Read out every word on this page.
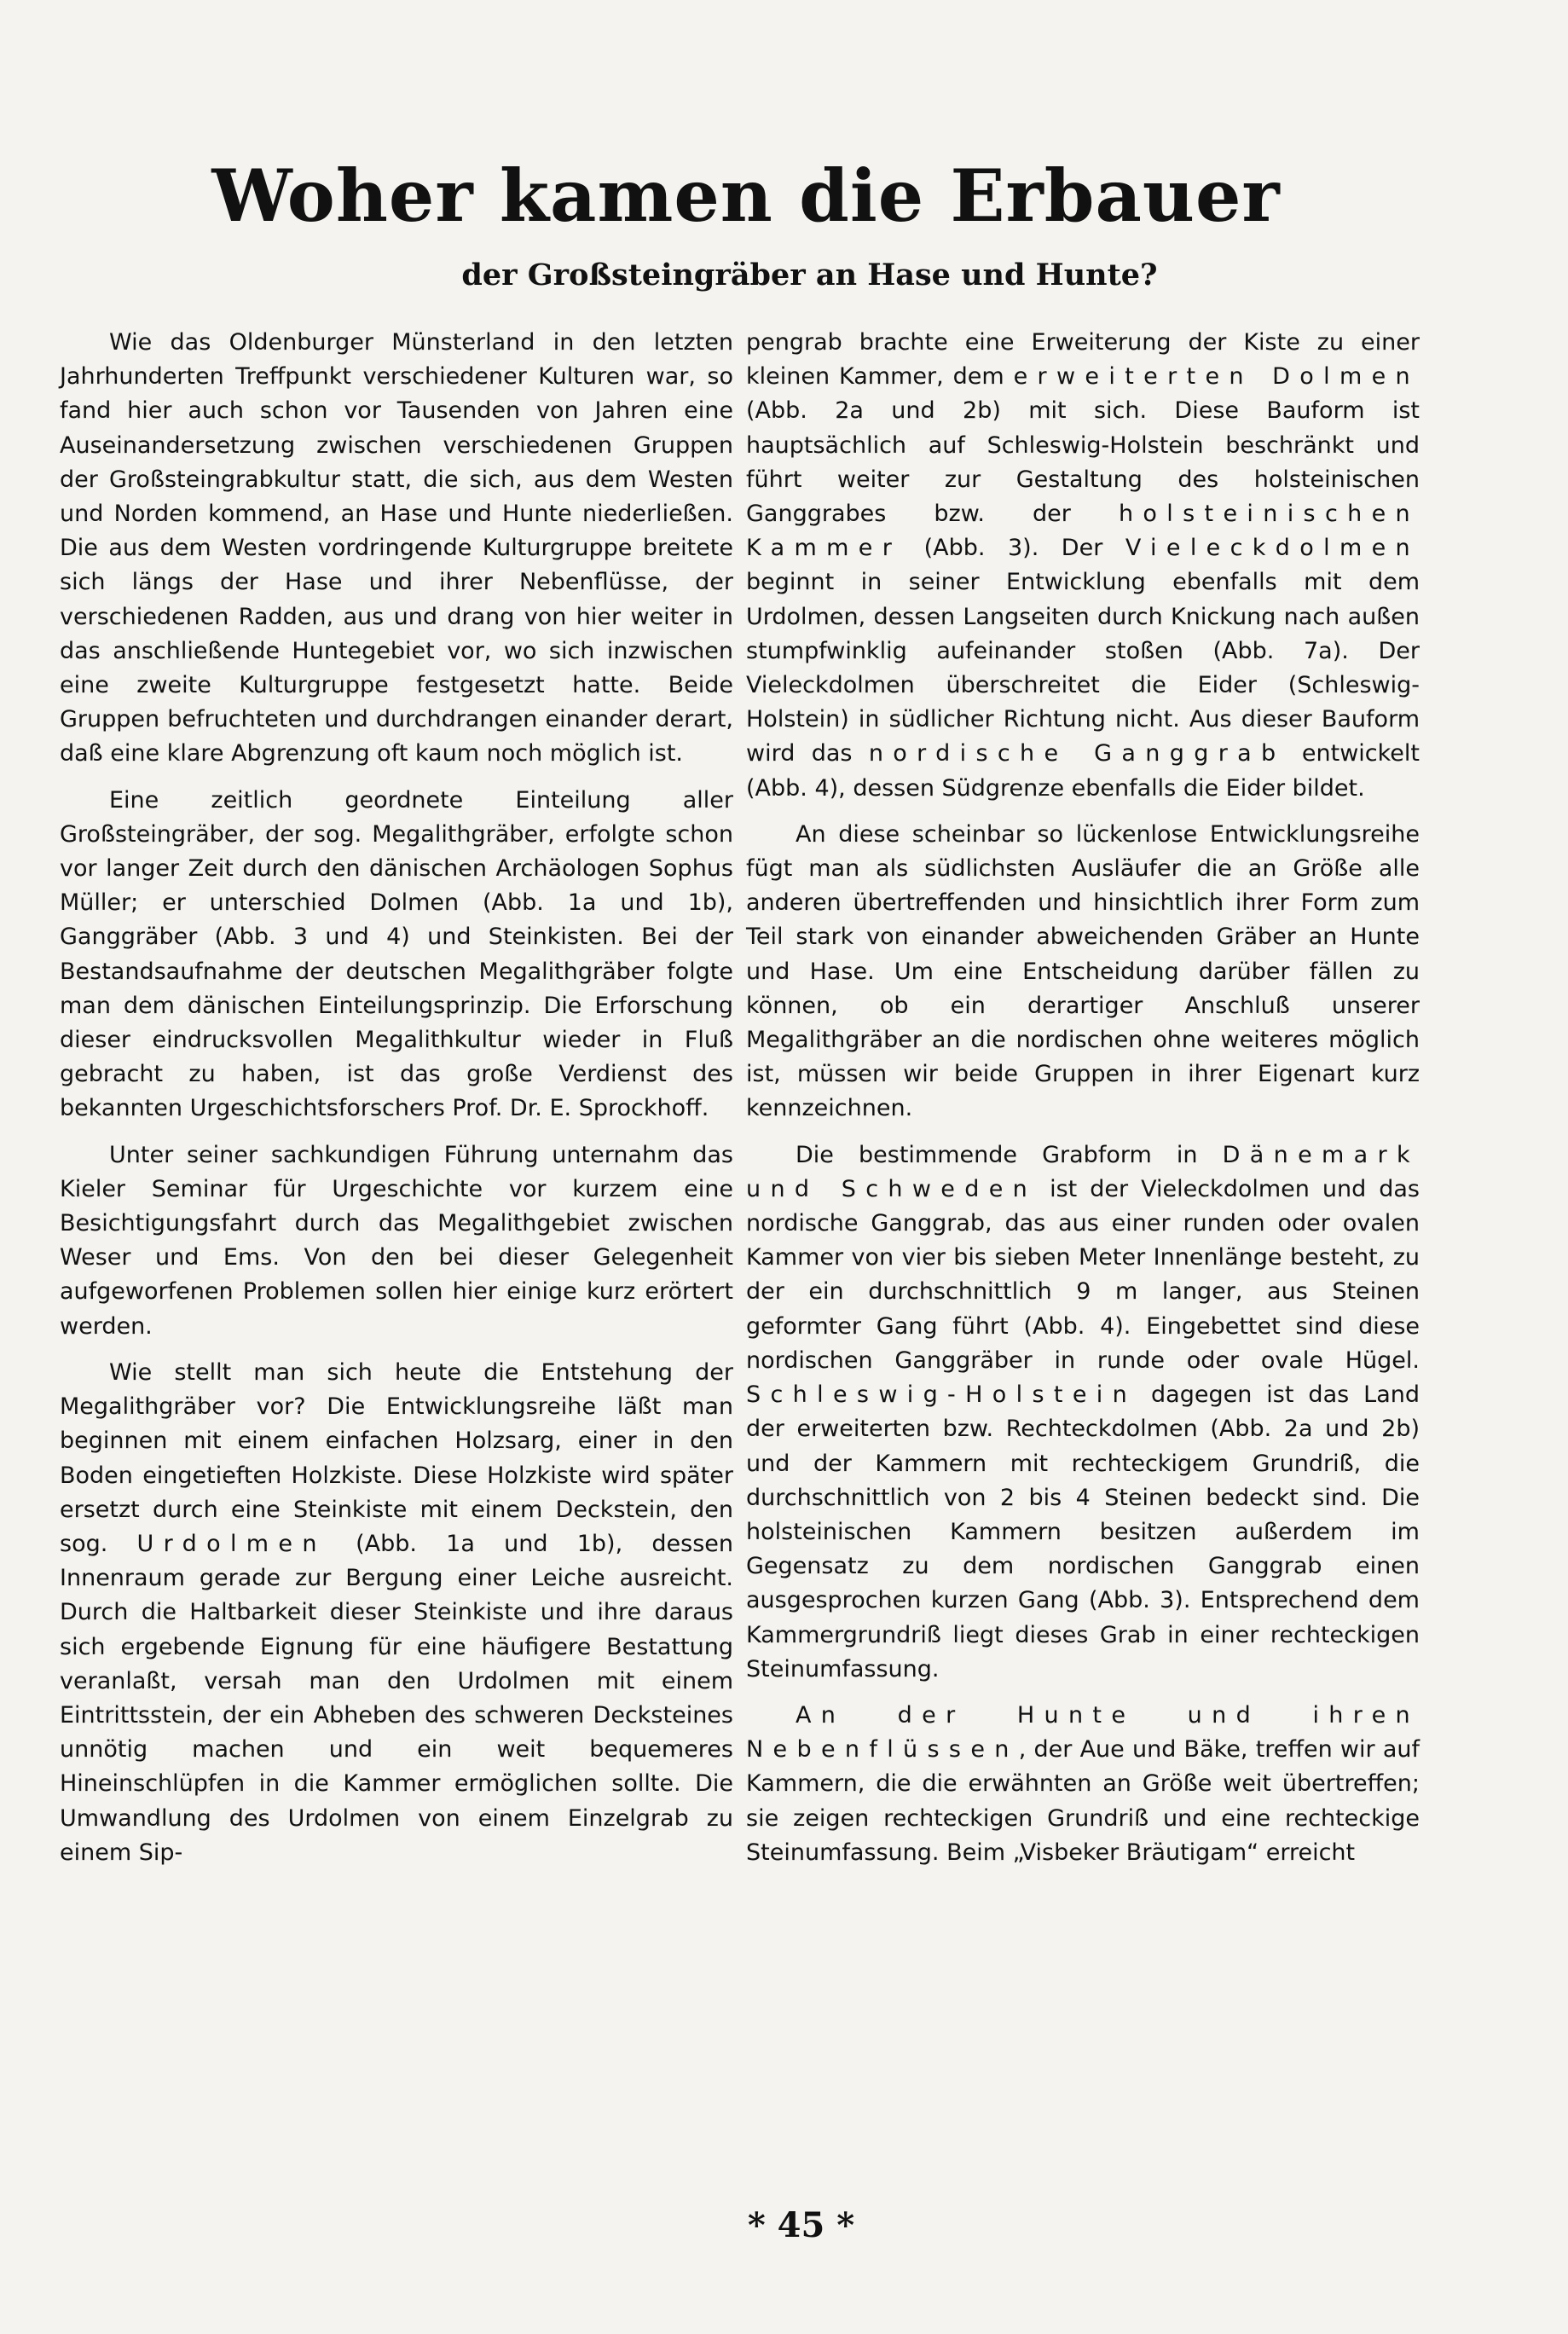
Woher kamen die Erbauer
der Großsteingräber an Hase und Hunte?

Wie das Oldenburger Münsterland in den letzten Jahrhunderten Treffpunkt verschiedener Kulturen war, so fand hier auch schon vor Tausenden von Jahren eine Auseinandersetzung zwischen verschiedenen Gruppen der Großsteingrabkultur statt, die sich, aus dem Westen und Norden kommend, an Hase und Hunte niederließen. Die aus dem Westen vordringende Kulturgruppe breitete sich längs der Hase und ihrer Nebenflüsse, der verschiedenen Radden, aus und drang von hier weiter in das anschließende Huntegebiet vor, wo sich inzwischen eine zweite Kulturgruppe festgesetzt hatte. Beide Gruppen befruchteten und durchdrangen einander derart, daß eine klare Abgrenzung oft kaum noch möglich ist.

Eine zeitlich geordnete Einteilung aller Großsteingräber, der sog. Megalithgräber, erfolgte schon vor langer Zeit durch den dänischen Archäologen Sophus Müller; er unterschied Dolmen (Abb. 1a und 1b), Ganggräber (Abb. 3 und 4) und Steinkisten. Bei der Bestandsaufnahme der deutschen Megalithgräber folgte man dem dänischen Einteilungsprinzip. Die Erforschung dieser eindrucksvollen Megalithkultur wieder in Fluß gebracht zu haben, ist das große Verdienst des bekannten Urgeschichtsforschers Prof. Dr. E. Sprockhoff.

Unter seiner sachkundigen Führung unternahm das Kieler Seminar für Urgeschichte vor kurzem eine Besichtigungsfahrt durch das Megalithgebiet zwischen Weser und Ems. Von den bei dieser Gelegenheit aufgeworfenen Problemen sollen hier einige kurz erörtert werden.

Wie stellt man sich heute die Entstehung der Megalithgräber vor? Die Entwicklungsreihe läßt man beginnen mit einem einfachen Holzsarg, einer in den Boden eingetieften Holzkiste. Diese Holzkiste wird später ersetzt durch eine Steinkiste mit einem Deckstein, den sog. Urdolmen (Abb. 1a und 1b), dessen Innenraum gerade zur Bergung einer Leiche ausreicht. Durch die Haltbarkeit dieser Steinkiste und ihre daraus sich ergebende Eignung für eine häufigere Bestattung veranlaßt, versah man den Urdolmen mit einem Eintrittsstein, der ein Abheben des schweren Decksteines unnötig machen und ein weit bequemeres Hineinschlüpfen in die Kammer ermöglichen sollte. Die Umwandlung des Urdolmen von einem Einzelgrab zu einem Sip-

pengrab brachte eine Erweiterung der Kiste zu einer kleinen Kammer, dem erweiterten Dolmen (Abb. 2a und 2b) mit sich. Diese Bauform ist hauptsächlich auf Schleswig-Holstein beschränkt und führt weiter zur Gestaltung des holsteinischen Ganggrabes bzw. der holsteinischen Kammer (Abb. 3). Der Vieleckdolmen beginnt in seiner Entwicklung ebenfalls mit dem Urdolmen, dessen Langseiten durch Knickung nach außen stumpfwinklig aufeinander stoßen (Abb. 7a). Der Vieleckdolmen überschreitet die Eider (Schleswig-Holstein) in südlicher Richtung nicht. Aus dieser Bauform wird das nordische Ganggrab entwickelt (Abb. 4), dessen Südgrenze ebenfalls die Eider bildet.

An diese scheinbar so lückenlose Entwicklungsreihe fügt man als südlichsten Ausläufer die an Größe alle anderen übertreffenden und hinsichtlich ihrer Form zum Teil stark von einander abweichenden Gräber an Hunte und Hase. Um eine Entscheidung darüber fällen zu können, ob ein derartiger Anschluß unserer Megalithgräber an die nordischen ohne weiteres möglich ist, müssen wir beide Gruppen in ihrer Eigenart kurz kennzeichnen.

Die bestimmende Grabform in Dänemark und Schweden ist der Vieleckdolmen und das nordische Ganggrab, das aus einer runden oder ovalen Kammer von vier bis sieben Meter Innenlänge besteht, zu der ein durchschnittlich 9 m langer, aus Steinen geformter Gang führt (Abb. 4). Eingebettet sind diese nordischen Ganggräber in runde oder ovale Hügel. Schleswig-Holstein dagegen ist das Land der erweiterten bzw. Rechteckdolmen (Abb. 2a und 2b) und der Kammern mit rechteckigem Grundriß, die durchschnittlich von 2 bis 4 Steinen bedeckt sind. Die holsteinischen Kammern besitzen außerdem im Gegensatz zu dem nordischen Ganggrab einen ausgesprochen kurzen Gang (Abb. 3). Entsprechend dem Kammergrundriß liegt dieses Grab in einer rechteckigen Steinumfassung.

An der Hunte und ihren Nebenflüssen, der Aue und Bäke, treffen wir auf Kammern, die die erwähnten an Größe weit übertreffen; sie zeigen rechteckigen Grundriß und eine rechteckige Steinumfassung. Beim „Visbeker Bräutigam“ erreicht

* 45 *
